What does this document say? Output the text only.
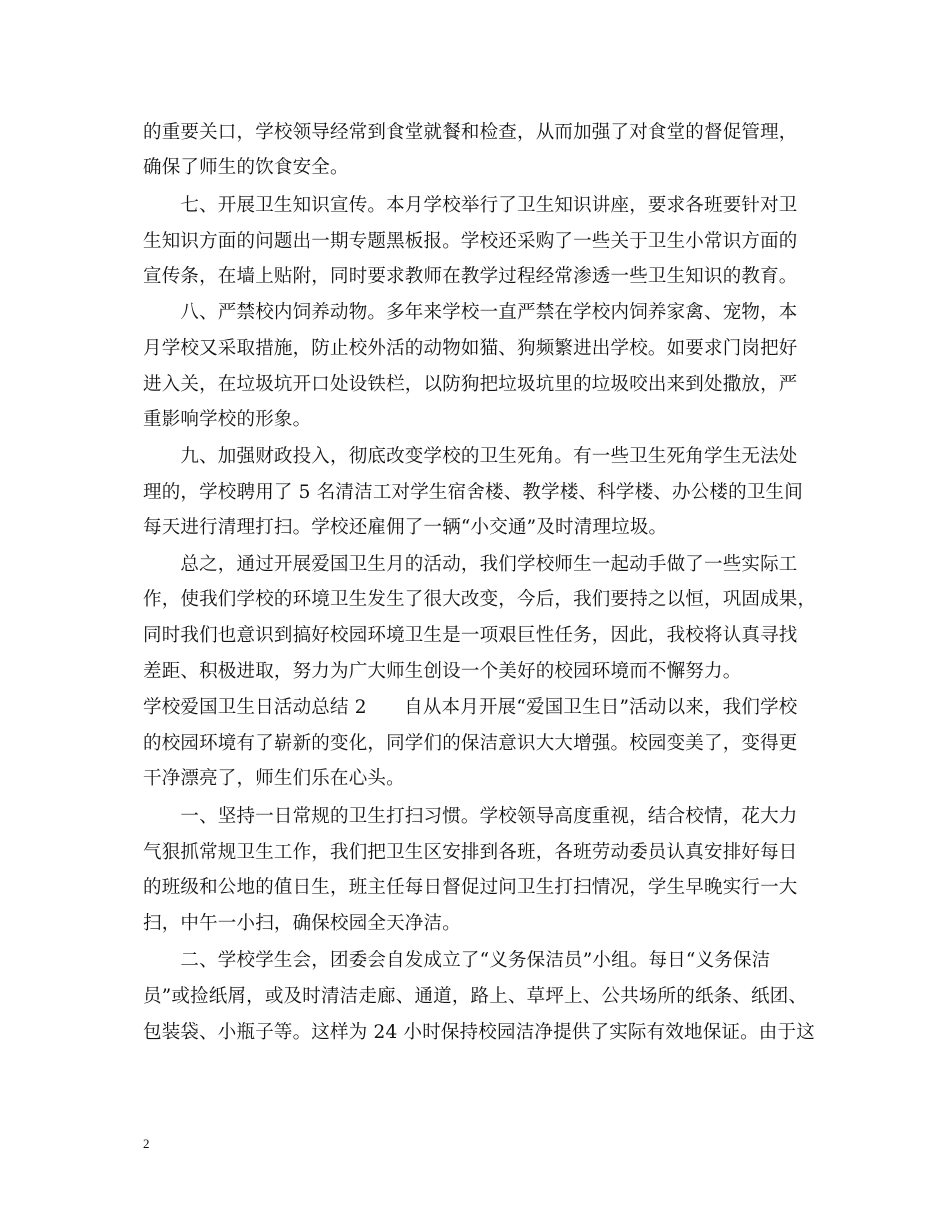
的重要关口，学校领导经常到食堂就餐和检查，从而加强了对食堂的督促管理，
确保了师生的饮食安全。
　　七、开展卫生知识宣传。本月学校举行了卫生知识讲座，要求各班要针对卫
生知识方面的问题出一期专题黑板报。学校还采购了一些关于卫生小常识方面的
宣传条，在墙上贴附，同时要求教师在教学过程经常渗透一些卫生知识的教育。
　　八、严禁校内饲养动物。多年来学校一直严禁在学校内饲养家禽、宠物，本
月学校又采取措施，防止校外活的动物如猫、狗频繁进出学校。如要求门岗把好
进入关，在垃圾坑开口处设铁栏，以防狗把垃圾坑里的垃圾咬出来到处撒放，严
重影响学校的形象。
　　九、加强财政投入，彻底改变学校的卫生死角。有一些卫生死角学生无法处
理的，学校聘用了 5 名清洁工对学生宿舍楼、教学楼、科学楼、办公楼的卫生间
每天进行清理打扫。学校还雇佣了一辆“小交通”及时清理垃圾。
　　总之，通过开展爱国卫生月的活动，我们学校师生一起动手做了一些实际工
作，使我们学校的环境卫生发生了很大改变，今后，我们要持之以恒，巩固成果，
同时我们也意识到搞好校园环境卫生是一项艰巨性任务，因此，我校将认真寻找
差距、积极进取，努力为广大师生创设一个美好的校园环境而不懈努力。
学校爱国卫生日活动总结 2　　自从本月开展“爱国卫生日”活动以来，我们学校
的校园环境有了崭新的变化，同学们的保洁意识大大增强。校园变美了，变得更
干净漂亮了，师生们乐在心头。
　　一、坚持一日常规的卫生打扫习惯。学校领导高度重视，结合校情，花大力
气狠抓常规卫生工作，我们把卫生区安排到各班，各班劳动委员认真安排好每日
的班级和公地的值日生，班主任每日督促过问卫生打扫情况，学生早晚实行一大
扫，中午一小扫，确保校园全天净洁。
　　二、学校学生会，团委会自发成立了“义务保洁员”小组。每日“义务保洁
员”或捡纸屑，或及时清洁走廊、通道，路上、草坪上、公共场所的纸条、纸团、
包装袋、小瓶子等。这样为 24 小时保持校园洁净提供了实际有效地保证。由于这
2
